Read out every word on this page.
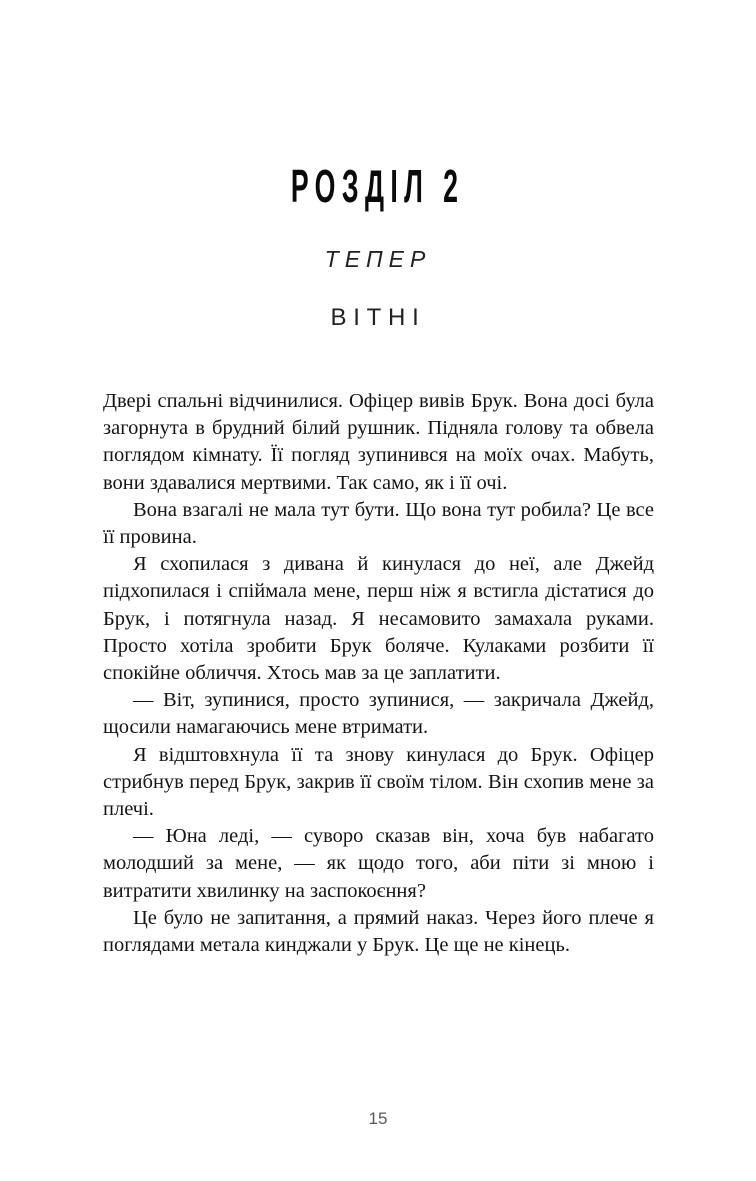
РОЗДІЛ 2
ТЕПЕР
ВІТНІ

Двері спальні відчинилися. Офіцер вивів Брук. Вона досі була загорнута в брудний білий рушник. Підняла голову та обвела поглядом кімнату. Її погляд зупинився на моїх очах. Мабуть, вони здавалися мертвими. Так само, як і її очі.

Вона взагалі не мала тут бути. Що вона тут робила? Це все її провина.

Я схопилася з дивана й кинулася до неї, але Джейд підхопилася і спіймала мене, перш ніж я встигла дістатися до Брук, і потягнула назад. Я несамовито замахала руками. Просто хотіла зробити Брук боляче. Кулаками розбити її спокійне обличчя. Хтось мав за це заплатити.

— Віт, зупинися, просто зупинися, — закричала Джейд, щосили намагаючись мене втримати.

Я відштовхнула її та знову кинулася до Брук. Офіцер стрибнув перед Брук, закрив її своїм тілом. Він схопив мене за плечі.

— Юна леді, — суворо сказав він, хоча був набагато молодший за мене, — як щодо того, аби піти зі мною і витратити хвилинку на заспокоєння?

Це було не запитання, а прямий наказ. Через його плече я поглядами метала кинджали у Брук. Це ще не кінець.

15
